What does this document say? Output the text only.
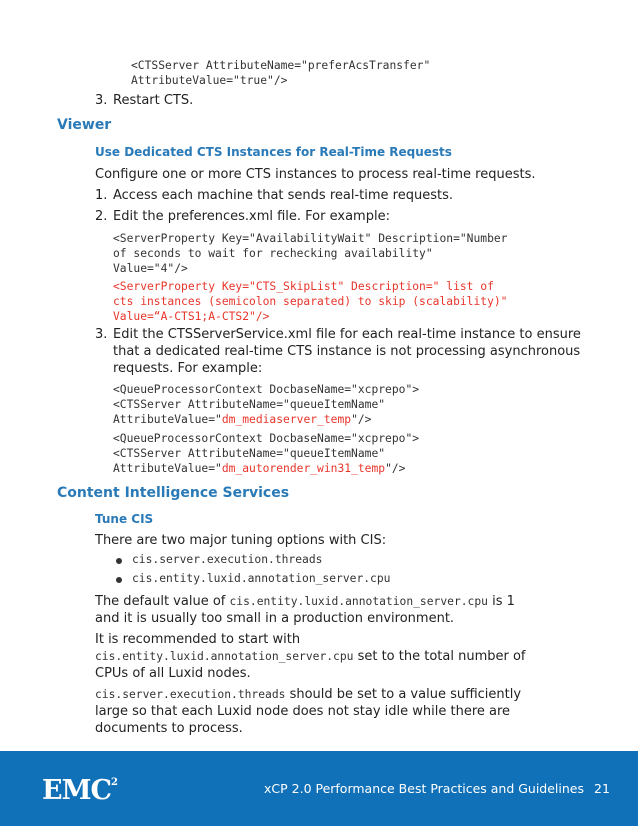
<CTSServer AttributeName="preferAcsTransfer"
AttributeValue="true"/>
3. Restart CTS.
Viewer
Use Dedicated CTS Instances for Real-Time Requests
Configure one or more CTS instances to process real-time requests.
1. Access each machine that sends real-time requests.
2. Edit the preferences.xml file. For example:
<ServerProperty Key="AvailabilityWait" Description="Number
of seconds to wait for rechecking availability"
Value="4"/>
<ServerProperty Key="CTS_SkipList" Description=" list of
cts instances (semicolon separated) to skip (scalability)"
Value=“A-CTS1;A-CTS2"/>
3. Edit the CTSServerService.xml file for each real-time instance to ensure
that a dedicated real-time CTS instance is not processing asynchronous
requests. For example:
<QueueProcessorContext DocbaseName="xcprepo">
<CTSServer AttributeName="queueItemName"
AttributeValue="dm_mediaserver_temp"/>
<QueueProcessorContext DocbaseName="xcprepo">
<CTSServer AttributeName="queueItemName"
AttributeValue="dm_autorender_win31_temp"/>
Content Intelligence Services
Tune CIS
There are two major tuning options with CIS:
cis.server.execution.threads
cis.entity.luxid.annotation_server.cpu
The default value of cis.entity.luxid.annotation_server.cpu is 1
and it is usually too small in a production environment.
It is recommended to start with
cis.entity.luxid.annotation_server.cpu set to the total number of
CPUs of all Luxid nodes.
cis.server.execution.threads should be set to a value sufficiently
large so that each Luxid node does not stay idle while there are
documents to process.
EMC$^2$	xCP 2.0 Performance Best Practices and Guidelines 21
